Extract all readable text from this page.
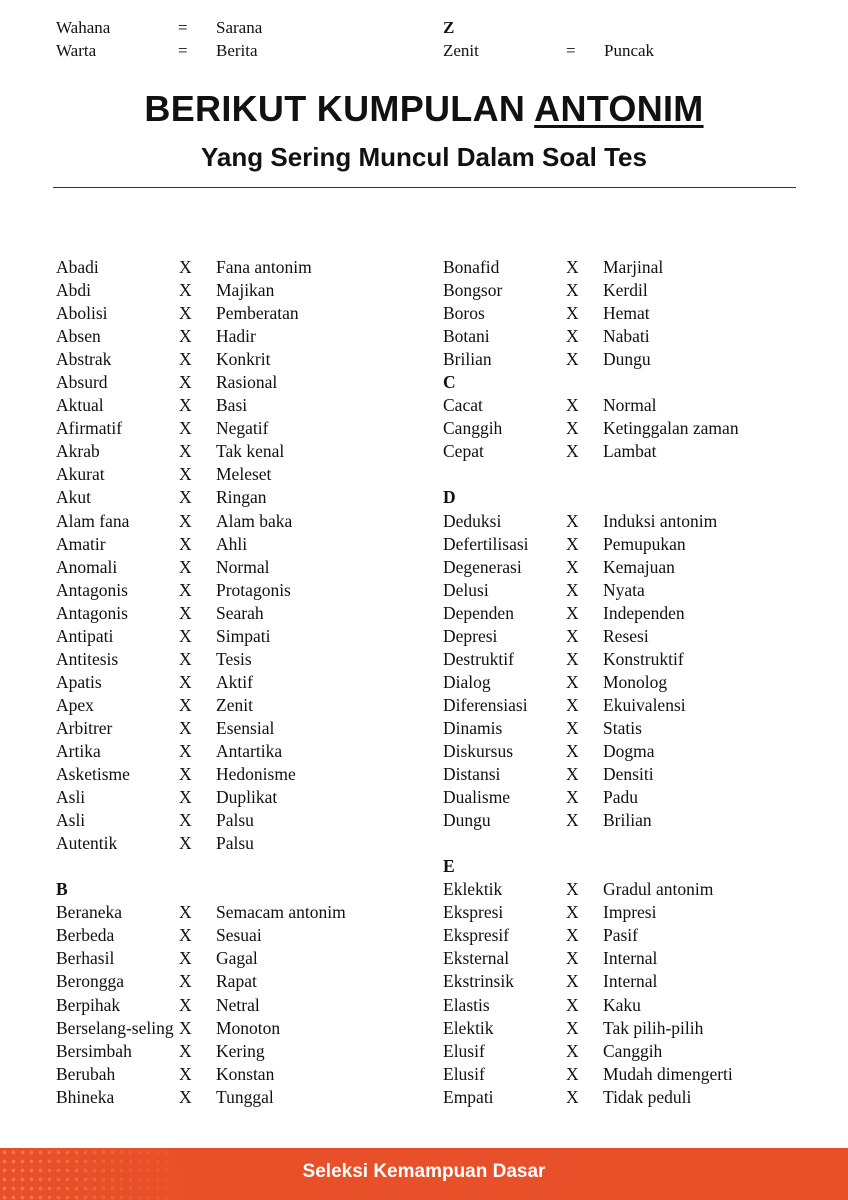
Wahana	= Sarana
Warta	= Berita
Z
Zenit	= Puncak
BERIKUT KUMPULAN ANTONIM
Yang Sering Muncul Dalam Soal Tes
Abadi	X Fana antonim
Abdi	X Majikan
Abolisi	X Pemberatan
Absen	X Hadir
Abstrak	X Konkrit
Absurd	X Rasional
Aktual	X Basi
Afirmatif	X Negatif
Akrab	X Tak kenal
Akurat	X Meleset
Akut	X Ringan
Alam fana	X Alam baka
Amatir	X Ahli
Anomali	X Normal
Antagonis	X Protagonis
Antagonis	X Searah
Antipati	X Simpati
Antitesis	X Tesis
Apatis	X Aktif
Apex	X Zenit
Arbitrer	X Esensial
Artika	X Antartika
Asketisme	X Hedonisme
Asli	X Duplikat
Asli	X Palsu
Autentik	X Palsu
B
Beraneka	X Semacam antonim
Berbeda	X Sesuai
Berhasil	X Gagal
Berongga	X Rapat
Berpihak	X Netral
Berselang-seling X Monoton
Bersimbah	X Kering
Berubah	X Konstan
Bhineka	X Tunggal
Bonafid	X Marjinal
Bongsor	X Kerdil
Boros	X Hemat
Botani	X Nabati
Brilian	X Dungu
C
Cacat	X Normal
Canggih	X Ketinggalan zaman
Cepat	X Lambat
D
Deduksi	X Induksi antonim
Defertilisasi X Pemupukan
Degenerasi	X Kemajuan
Delusi	X Nyata
Dependen	X Independen
Depresi	X Resesi
Destruktif	X Konstruktif
Dialog	X Monolog
Diferensiasi X Ekuivalensi
Dinamis	X Statis
Diskursus	X Dogma
Distansi	X Densiti
Dualisme	X Padu
Dungu	X Brilian
E
Eklektik	X Gradul antonim
Ekspresi	X Impresi
Ekspresif	X Pasif
Eksternal	X Internal
Ekstrinsik	X Internal
Elastis	X Kaku
Elektik	X Tak pilih-pilih
Elusif	X Canggih
Elusif	X Mudah dimengerti
Empati	X Tidak peduli
Seleksi Kemampuan Dasar
